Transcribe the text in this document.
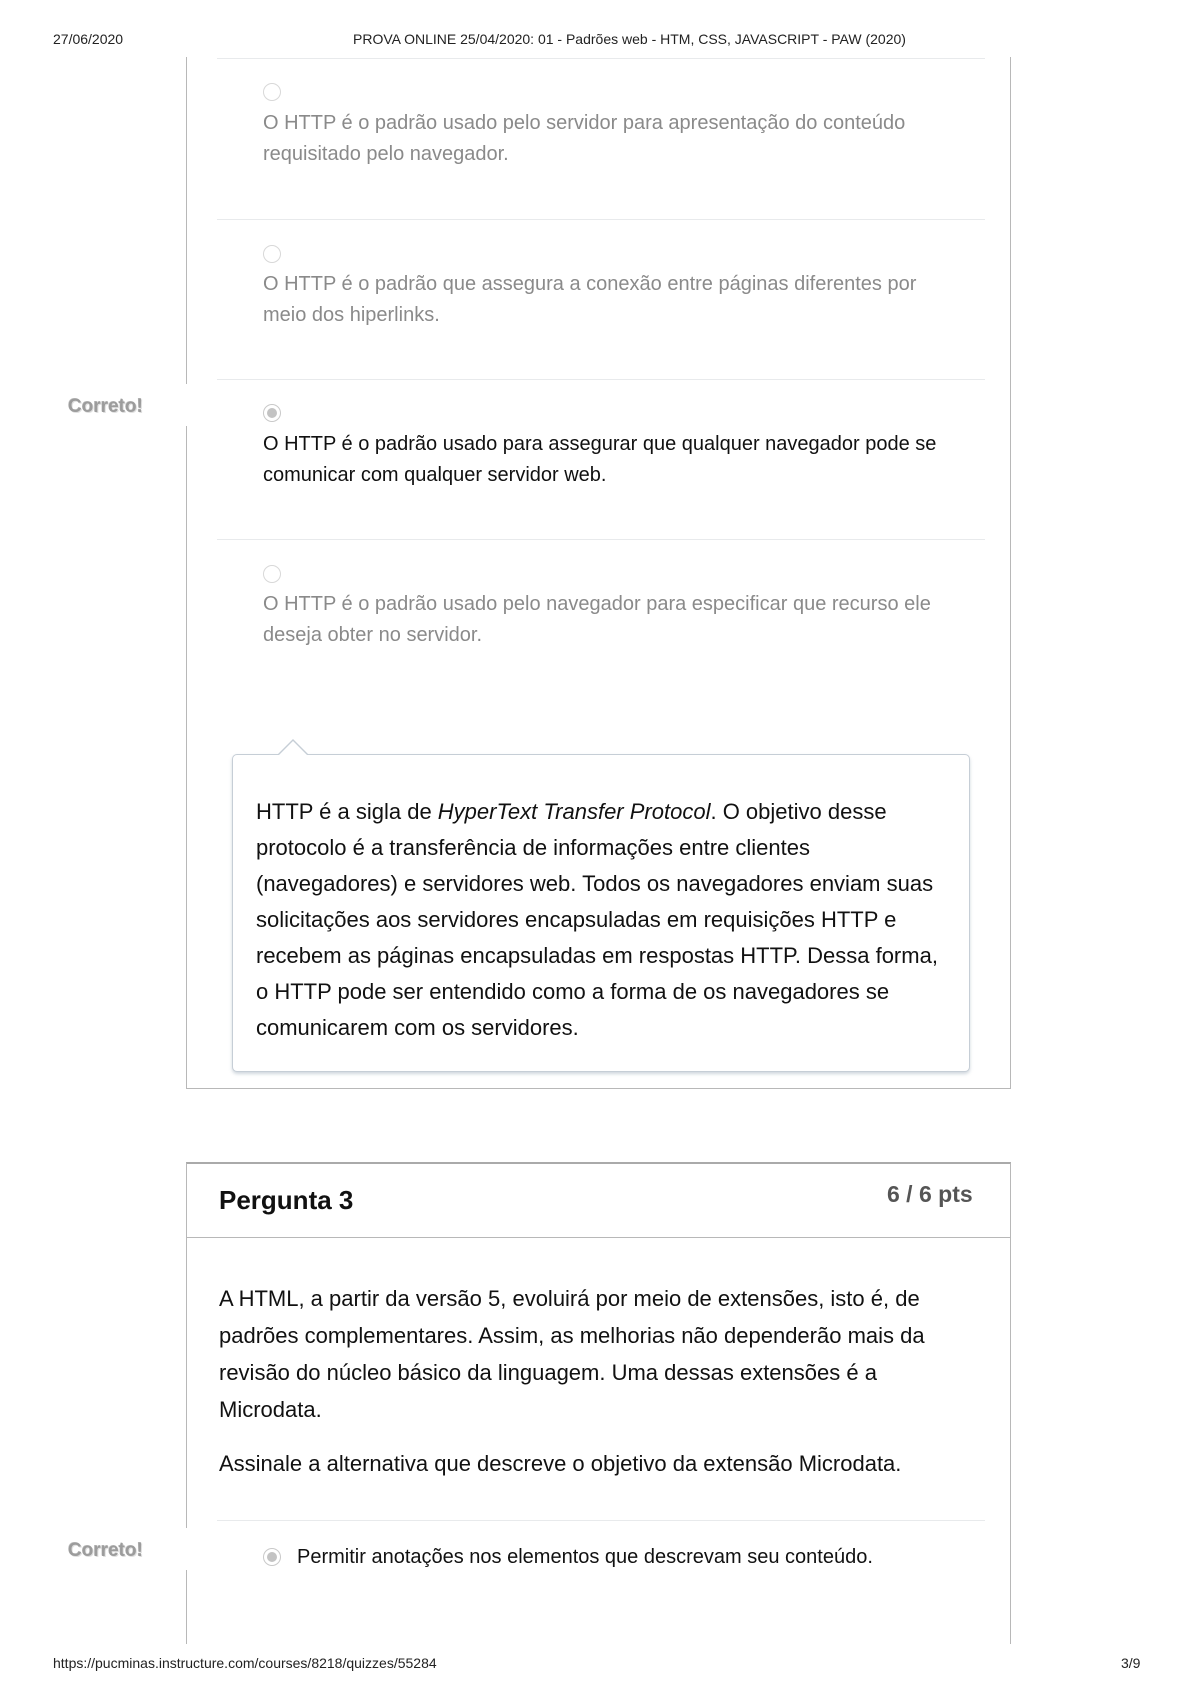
27/06/2020	PROVA ONLINE 25/04/2020: 01 - Padrões web - HTM, CSS, JAVASCRIPT - PAW (2020)
O HTTP é o padrão usado pelo servidor para apresentação do conteúdo requisitado pelo navegador.
O HTTP é o padrão que assegura a conexão entre páginas diferentes por meio dos hiperlinks.
Correto!
O HTTP é o padrão usado para assegurar que qualquer navegador pode se comunicar com qualquer servidor web.
O HTTP é o padrão usado pelo navegador para especificar que recurso ele deseja obter no servidor.
HTTP é a sigla de HyperText Transfer Protocol. O objetivo desse protocolo é a transferência de informações entre clientes (navegadores) e servidores web. Todos os navegadores enviam suas solicitações aos servidores encapsuladas em requisições HTTP e recebem as páginas encapsuladas em respostas HTTP. Dessa forma, o HTTP pode ser entendido como a forma de os navegadores se comunicarem com os servidores.
Pergunta 3	6 / 6 pts
A HTML, a partir da versão 5, evoluirá por meio de extensões, isto é, de padrões complementares. Assim, as melhorias não dependerão mais da revisão do núcleo básico da linguagem. Uma dessas extensões é a Microdata.
Assinale a alternativa que descreve o objetivo da extensão Microdata.
Correto!	Permitir anotações nos elementos que descrevam seu conteúdo.
https://pucminas.instructure.com/courses/8218/quizzes/55284	3/9
